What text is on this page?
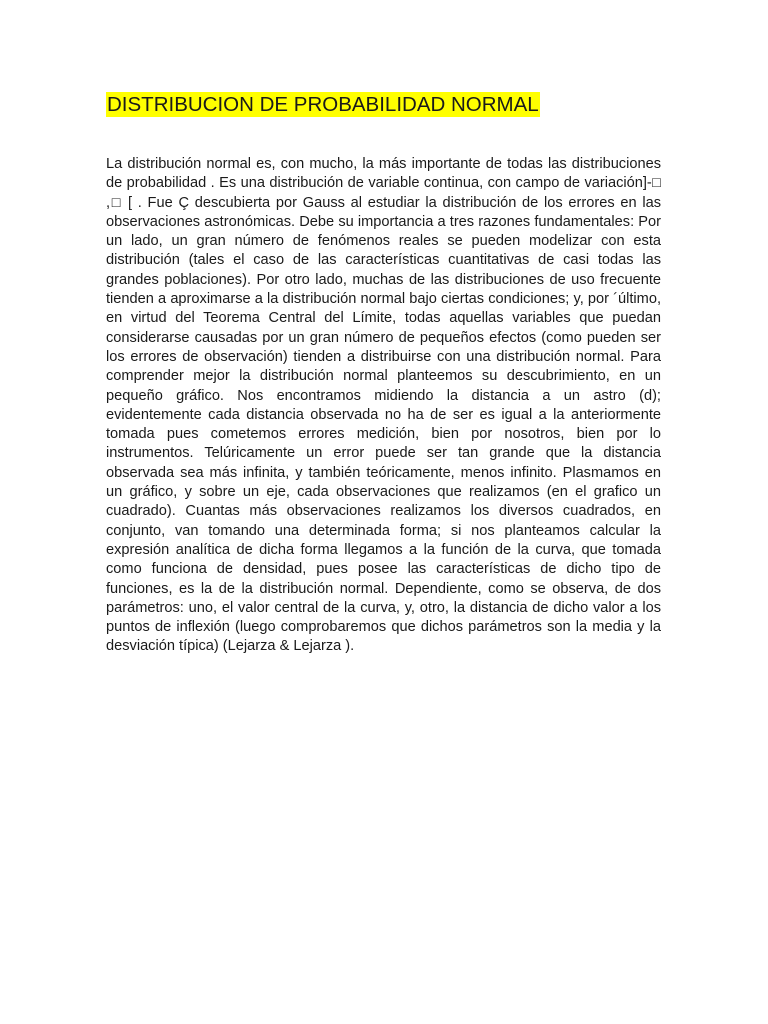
DISTRIBUCION DE PROBABILIDAD NORMAL

La distribución normal es, con mucho, la más importante de todas las distribuciones de probabilidad . Es una distribución de variable continua, con campo de variación]-□ ,□ [ . Fue Ç descubierta por Gauss al estudiar la distribución de los errores en las observaciones astronómicas. Debe su importancia a tres razones fundamentales: Por un lado, un gran número de fenómenos reales se pueden modelizar con esta distribución (tales el caso de las características cuantitativas de casi todas las grandes poblaciones). Por otro lado, muchas de las distribuciones de uso frecuente tienden a aproximarse a la distribución normal bajo ciertas condiciones; y, por ´último, en virtud del Teorema Central del Límite, todas aquellas variables que puedan considerarse causadas por un gran número de pequeños efectos (como pueden ser los errores de observación) tienden a distribuirse con una distribución normal. Para comprender mejor la distribución normal planteemos su descubrimiento, en un pequeño gráfico. Nos encontramos midiendo la distancia a un astro (d); evidentemente cada distancia observada no ha de ser es igual a la anteriormente tomada pues cometemos errores medición, bien por nosotros, bien por lo instrumentos. Telúricamente un error puede ser tan grande que la distancia observada sea más infinita, y también teóricamente, menos infinito. Plasmamos en un gráfico, y sobre un eje, cada observaciones que realizamos (en el grafico un cuadrado). Cuantas más observaciones realizamos los diversos cuadrados, en conjunto, van tomando una determinada forma; si nos planteamos calcular la expresión analítica de dicha forma llegamos a la función de la curva, que tomada como funciona de densidad, pues posee las características de dicho tipo de funciones, es la de la distribución normal. Dependiente, como se observa, de dos parámetros: uno, el valor central de la curva, y, otro, la distancia de dicho valor a los puntos de inflexión (luego comprobaremos que dichos parámetros son la media y la desviación típica) (Lejarza & Lejarza ).
